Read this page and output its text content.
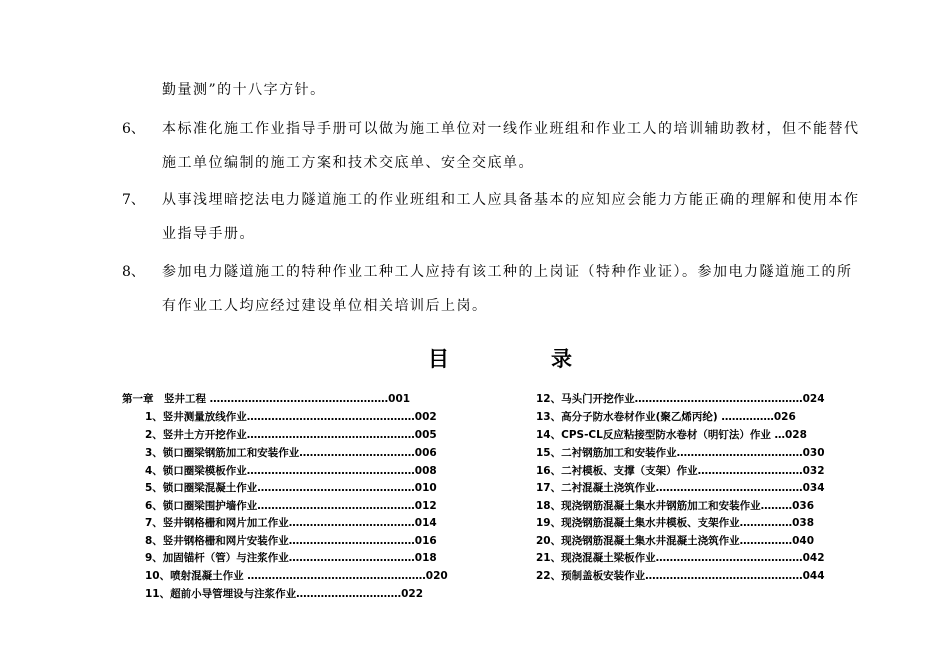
勤量测”的十八字方针。
6、 本标准化施工作业指导手册可以做为施工单位对一线作业班组和作业工人的培训辅助教材，但不能替代
施工单位编制的施工方案和技术交底单、安全交底单。
7、 从事浅埋暗挖法电力隧道施工的作业班组和工人应具备基本的应知应会能力方能正确的理解和使用本作
业指导手册。
8、 参加电力隧道施工的特种作业工种工人应持有该工种的上岗证（特种作业证）。参加电力隧道施工的所
有作业工人均应经过建设单位相关培训后上岗。
目	录
第一章　竖井工程 ……………………………………………001
1、竖井测量放线作业…………………………………………002
2、竖井土方开挖作业…………………………………………005
3、锁口圈梁钢筋加工和安装作业……………………………006
4、锁口圈梁模板作业…………………………………………008
5、锁口圈梁混凝土作业………………………………………010
6、锁口圈梁围护墙作业………………………………………012
7、竖井钢格栅和网片加工作业………………………………014
8、竖井钢格栅和网片安装作业………………………………016
9、加固锚杆（管）与注浆作业………………………………018
10、喷射混凝土作业 ……………………………………………020
11、超前小导管埋设与注浆作业…………………………022
12、马头门开挖作业…………………………………………024
13、高分子防水卷材作业(聚乙烯丙纶) ……………026
14、CPS-CL反应粘接型防水卷材（明钉法）作业 …028
15、二衬钢筋加工和安装作业………………………………030
16、二衬模板、支撑（支架）作业…………………………032
17、二衬混凝土浇筑作业……………………………………034
18、现浇钢筋混凝土集水井钢筋加工和安装作业………036
19、现浇钢筋混凝土集水井模板、支架作业……………038
20、现浇钢筋混凝土集水井混凝土浇筑作业……………040
21、现浇混凝土梁板作业……………………………………042
22、预制盖板安装作业………………………………………044
